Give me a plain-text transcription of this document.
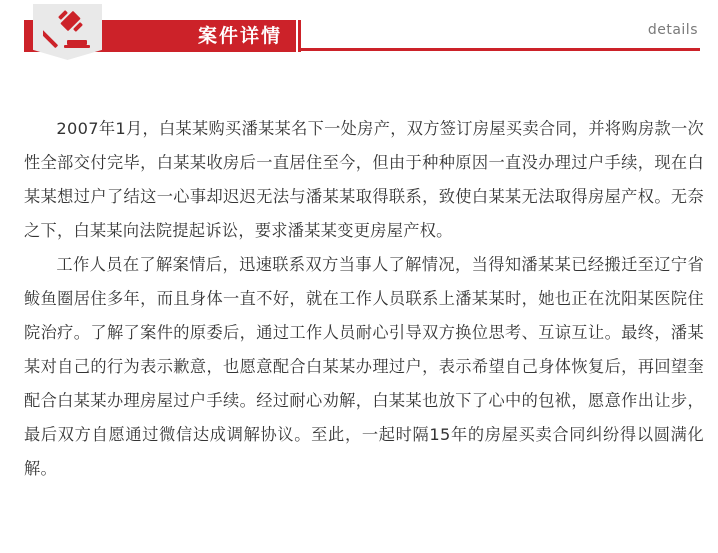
案件详情	details

2007年1月，白某某购买潘某某名下一处房产，双方签订房屋买卖合同，并将购房款一次性全部交付完毕，白某某收房后一直居住至今，但由于种种原因一直没办理过户手续，现在白某某想过户了结这一心事却迟迟无法与潘某某取得联系，致使白某某无法取得房屋产权。无奈之下，白某某向法院提起诉讼，要求潘某某变更房屋产权。

工作人员在了解案情后，迅速联系双方当事人了解情况，当得知潘某某已经搬迁至辽宁省鲅鱼圈居住多年，而且身体一直不好，就在工作人员联系上潘某某时，她也正在沈阳某医院住院治疗。了解了案件的原委后，通过工作人员耐心引导双方换位思考、互谅互让。最终，潘某某对自己的行为表示歉意，也愿意配合白某某办理过户，表示希望自己身体恢复后，再回望奎配合白某某办理房屋过户手续。经过耐心劝解，白某某也放下了心中的包袱，愿意作出让步，最后双方自愿通过微信达成调解协议。至此，一起时隔15年的房屋买卖合同纠纷得以圆满化解。
